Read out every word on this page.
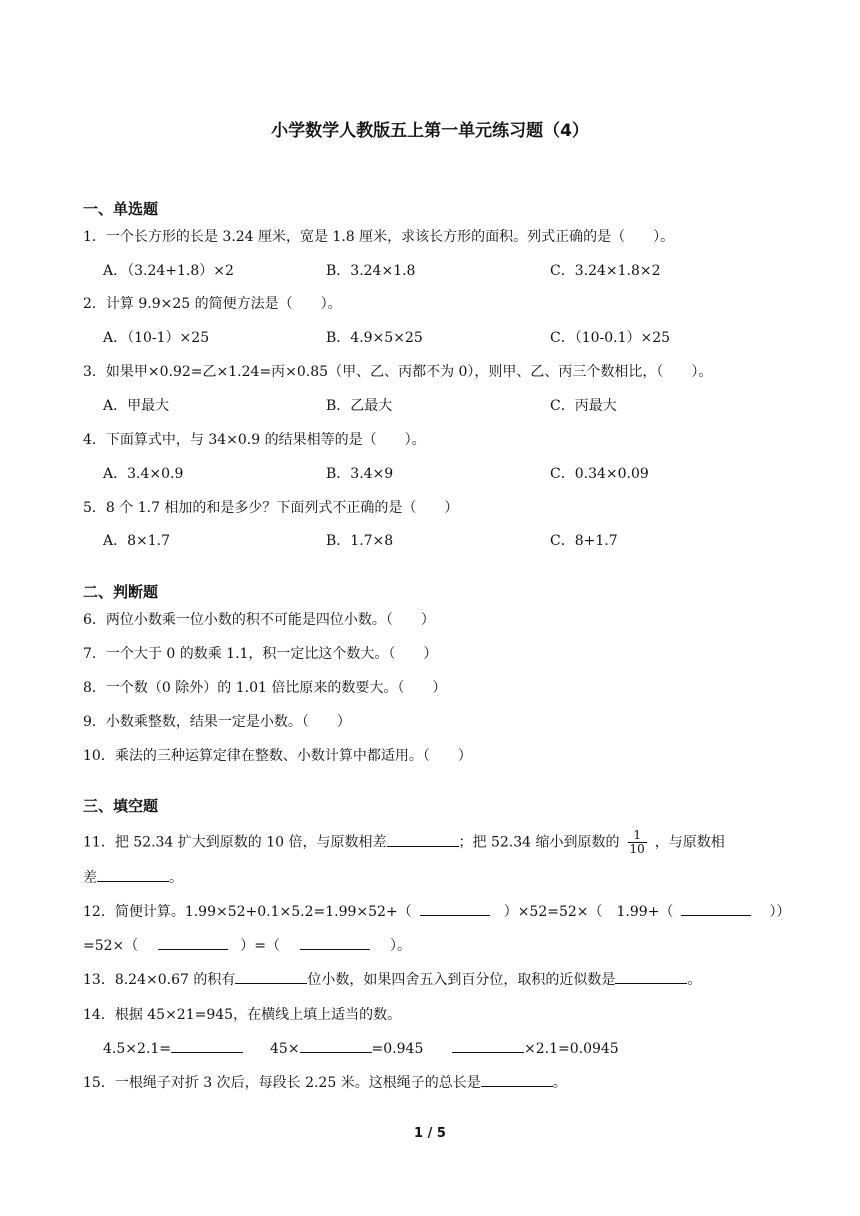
小学数学人教版五上第一单元练习题（4）
一、单选题
1．一个长方形的长是 3.24 厘米，宽是 1.8 厘米，求该长方形的面积。列式正确的是（　　）。
A．（3.24+1.8）×2	B．3.24×1.8	C．3.24×1.8×2
2．计算 9.9×25 的简便方法是（　　）。
A．（10-1）×25	B．4.9×5×25	C．（10-0.1）×25
3．如果甲×0.92=乙×1.24=丙×0.85（甲、乙、丙都不为 0），则甲、乙、丙三个数相比，（　　）。
A．甲最大	B．乙最大	C．丙最大
4．下面算式中，与 34×0.9 的结果相等的是（　　）。
A．3.4×0.9	B．3.4×9	C．0.34×0.09
5．8 个 1.7 相加的和是多少？下面列式不正确的是（　　）
A．8×1.7	B．1.7×8	C．8+1.7
二、判断题
6．两位小数乘一位小数的积不可能是四位小数。（　　）
7．一个大于 0 的数乘 1.1，积一定比这个数大。（　　）
8．一个数（0 除外）的 1.01 倍比原来的数要大。（　　）
9．小数乘整数，结果一定是小数。（　　）
10．乘法的三种运算定律在整数、小数计算中都适用。（　　）
三、填空题
11．把 52.34 扩大到原数的 10 倍，与原数相差	；把 52.34 缩小到原数的 $\frac{1}{10}$ ，与原数相
差	。
12．简便计算。1.99×52+0.1×5.2=1.99×52+（	）×52=52×（　1.99+（	））
=52×（	）=（	）。
13．8.24×0.67 的积有	位小数，如果四舍五入到百分位，取积的近似数是	。
14．根据 45×21=945，在横线上填上适当的数。
4.5×2.1=	45×	=0.945	×2.1=0.0945
15．一根绳子对折 3 次后，每段长 2.25 米。这根绳子的总长是	。
1 / 5
